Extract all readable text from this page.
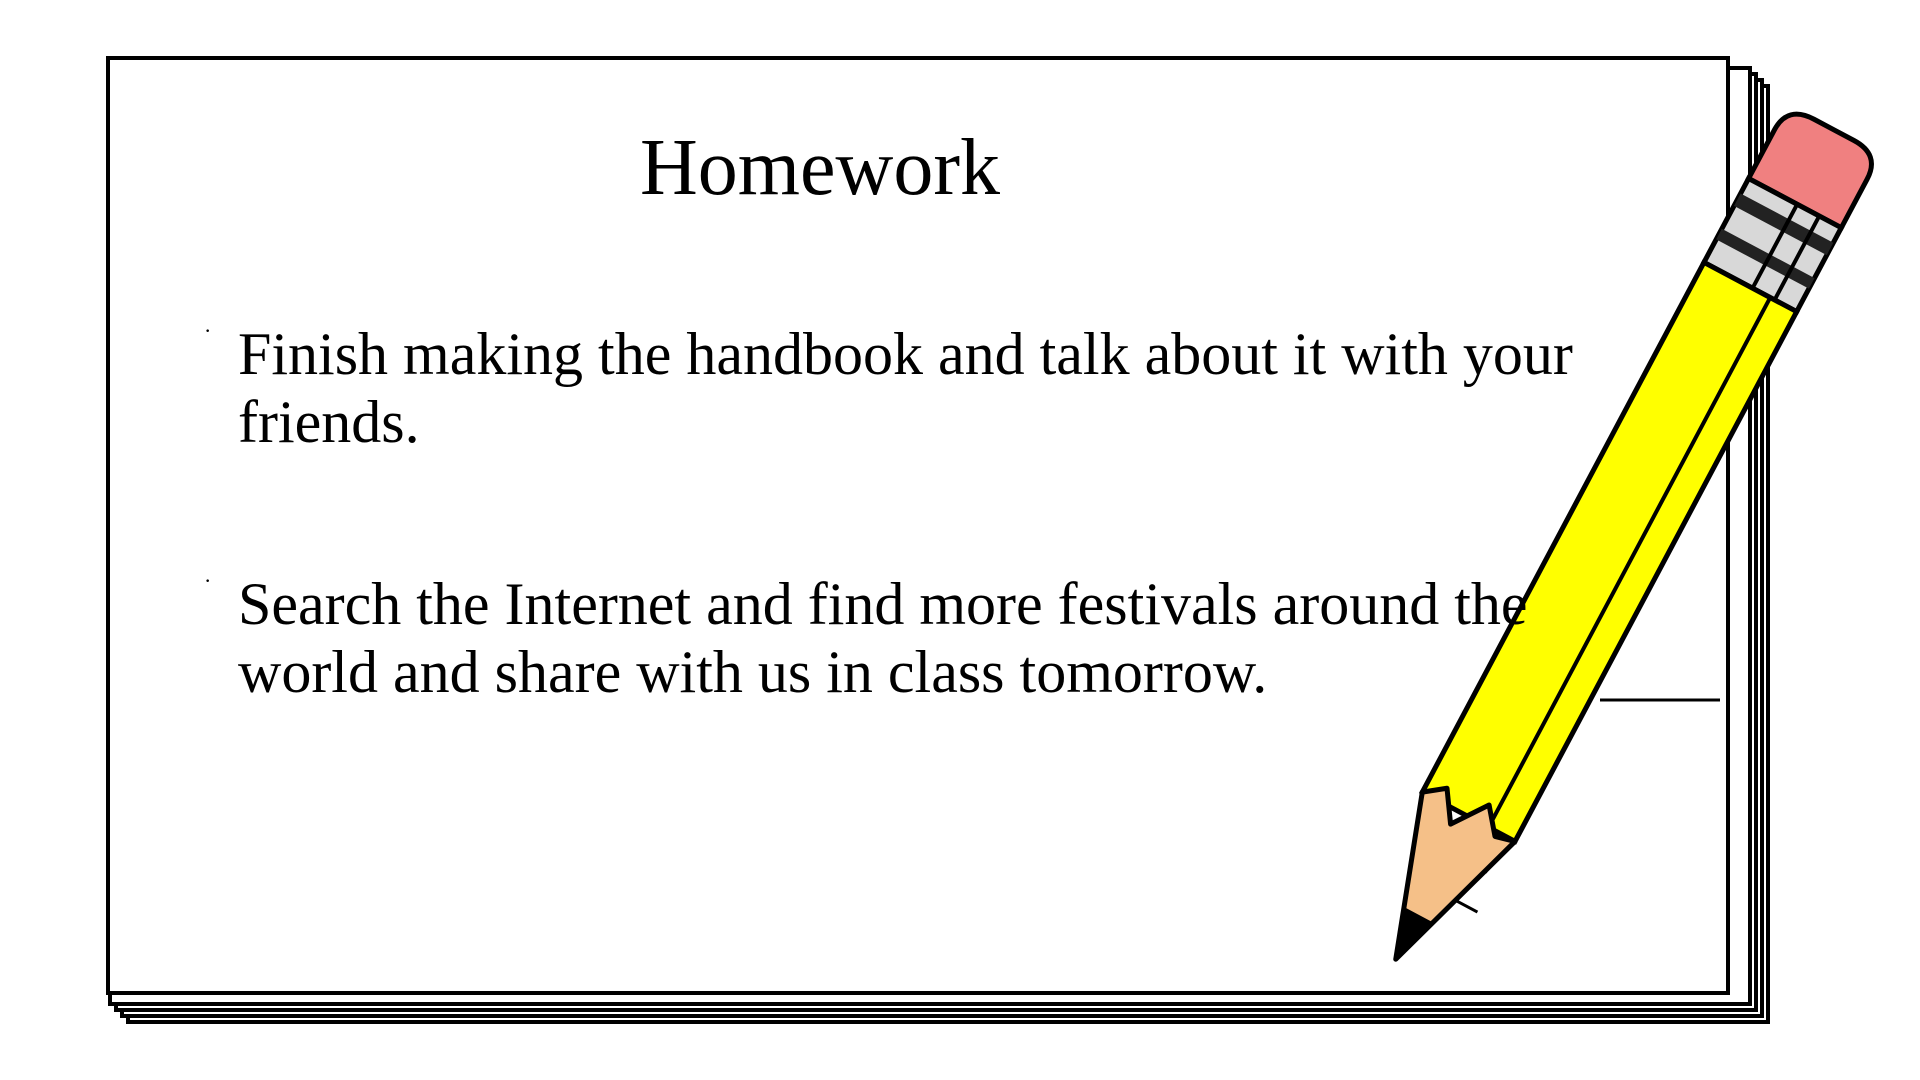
Homework
· Finish making the handbook and talk about it with your friends.
· Search the Internet and find more festivals around the world and share with us in class tomorrow.
